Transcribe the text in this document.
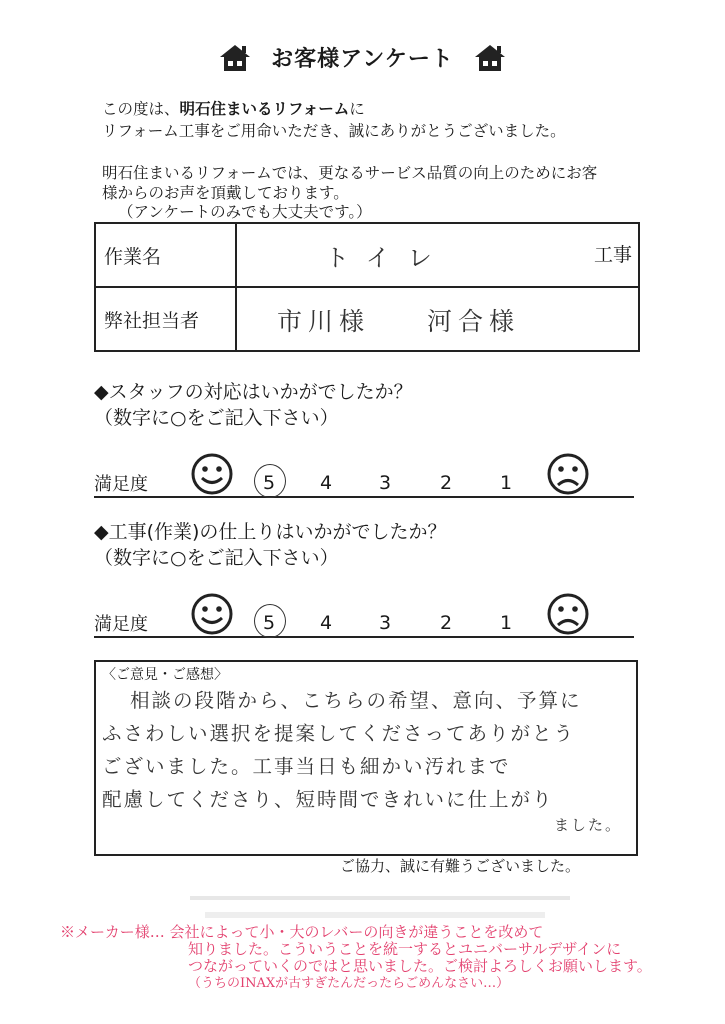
お客様アンケート
この度は、明石住まいるリフォームに
リフォーム工事をご用命いただき、誠にありがとうございました。
明石住まいるリフォームでは、更なるサービス品質の向上のためにお客
様からのお声を頂戴しております。
（アンケートのみでも大丈夫です。）
作業名	トイレ 工事

弊社担当者	市川様 河合様
◆スタッフの対応はいかがでしたか？
（数字に○をご記入下さい）
満足度	5 4 3	2	1
◆工事(作業)の仕上りはいかがでしたか？
（数字に○をご記入下さい）
満足度	5 4 3	2	1
〈ご意見・ご感想〉
相談の段階から、こちらの希望、意向、予算に
ふさわしい選択を提案してくださってありがとう
ございました。工事当日も細かい汚れまで
配慮してくださり、短時間できれいに仕上がり
ました。
ご協力、誠に有難うございました。
※メーカー様… 会社によって小・大のレバーの向きが違うことを改めて
知りました。こういうことを統一するとユニバーサルデザインに
つながっていくのではと思いました。ご検討よろしくお願いします。
（うちのINAXが古すぎたんだったらごめんなさい…）
